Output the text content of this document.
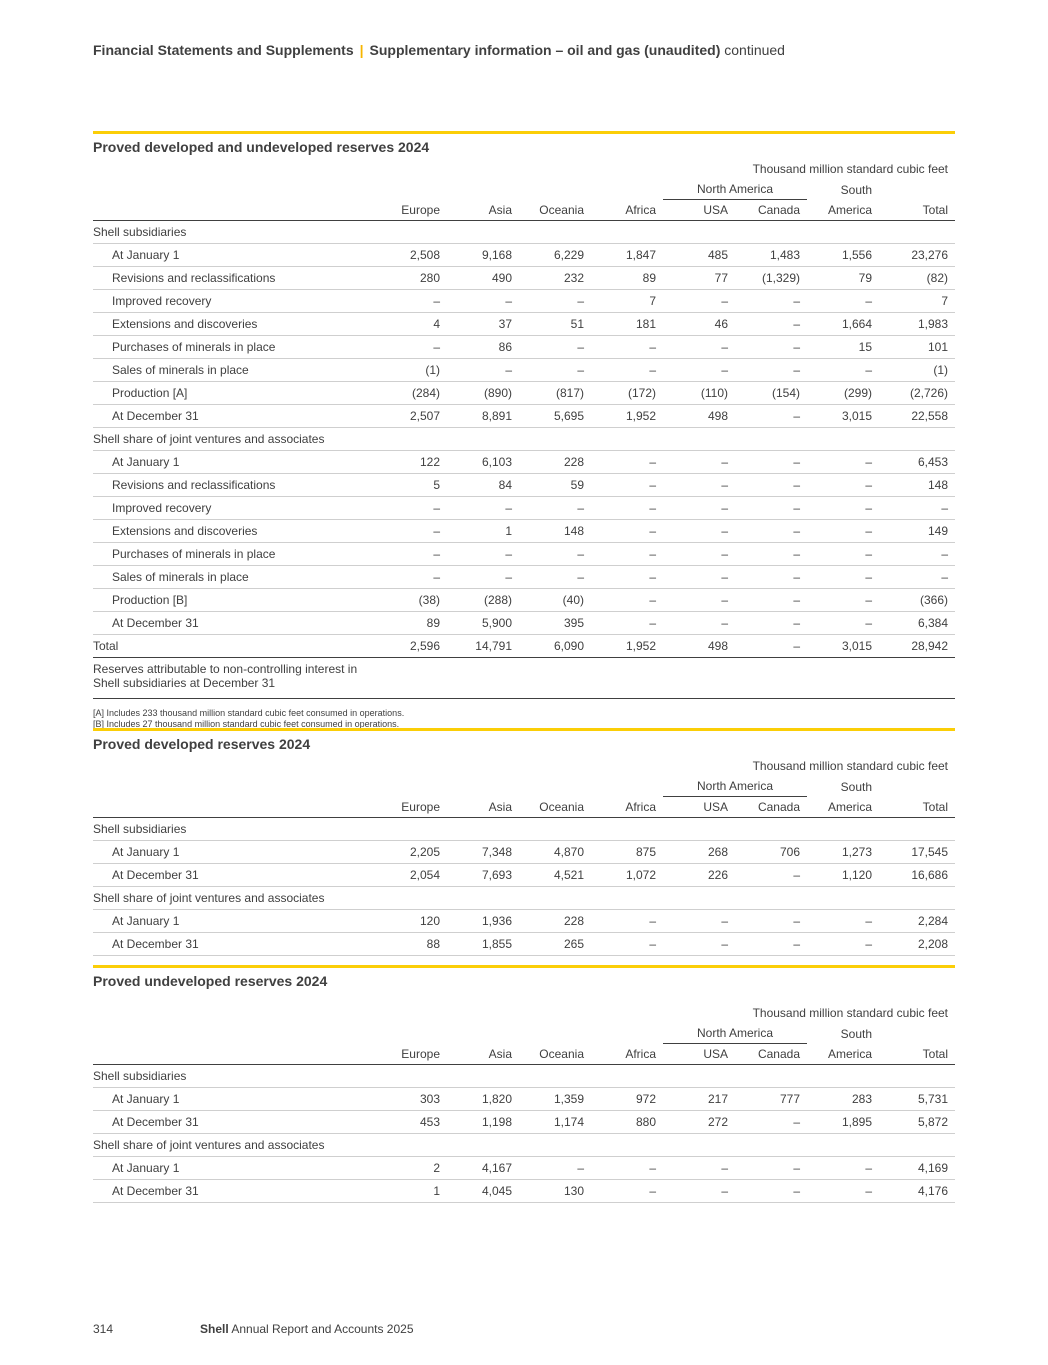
Financial Statements and Supplements | Supplementary information – oil and gas (unaudited) continued
Proved developed and undeveloped reserves 2024
					Thousand million standard cubic feet			
					North America		South
America	
	Europe	Asia	Oceania	Africa	USA	Canada		Total
Shell subsidiaries								
At January 1	2,508	9,168	6,229	1,847	485	1,483	1,556	23,276
Revisions and reclassifications	280	490	232	89	77	(1,329)	79	(82)
Improved recovery	–	–	–	7	–	–	–	7
Extensions and discoveries	4	37	51	181	46	–	1,664	1,983
Purchases of minerals in place	–	86	–	–	–	–	15	101
Sales of minerals in place	(1)	–	–	–	–	–	–	(1)
Production [A]	(284)	(890)	(817)	(172)	(110)	(154)	(299)	(2,726)
At December 31	2,507	8,891	5,695	1,952	498	–	3,015	22,558
Shell share of joint ventures and associates								
At January 1	122	6,103	228	–	–	–	–	6,453
Revisions and reclassifications	5	84	59	–	–	–	–	148
Improved recovery	–	–	–	–	–	–	–	–
Extensions and discoveries	–	1	148	–	–	–	–	149
Purchases of minerals in place	–	–	–	–	–	–	–	–
Sales of minerals in place	–	–	–	–	–	–	–	–
Production [B]	(38)	(288)	(40)	–	–	–	–	(366)
At December 31	89	5,900	395	–	–	–	–	6,384
Total	2,596	14,791	6,090	1,952	498	–	3,015	28,942
Reserves attributable to non-controlling interest in
Shell subsidiaries at December 31								
[A] Includes 233 thousand million standard cubic feet consumed in operations.
[B] Includes 27 thousand million standard cubic feet consumed in operations.
Proved developed reserves 2024
					Thousand million standard cubic feet			
					North America		South
America	
	Europe	Asia	Oceania	Africa	USA	Canada		Total
Shell subsidiaries								
At January 1	2,205	7,348	4,870	875	268	706	1,273	17,545
At December 31	2,054	7,693	4,521	1,072	226	–	1,120	16,686
Shell share of joint ventures and associates								
At January 1	120	1,936	228	–	–	–	–	2,284
At December 31	88	1,855	265	–	–	–	–	2,208
Proved undeveloped reserves 2024
					Thousand million standard cubic feet			
					North America		South
America	
	Europe	Asia	Oceania	Africa	USA	Canada		Total
Shell subsidiaries								
At January 1	303	1,820	1,359	972	217	777	283	5,731
At December 31	453	1,198	1,174	880	272	–	1,895	5,872
Shell share of joint ventures and associates								
At January 1	2	4,167	–	–	–	–	–	4,169
At December 31	1	4,045	130	–	–	–	–	4,176
314	Shell Annual Report and Accounts 2025
